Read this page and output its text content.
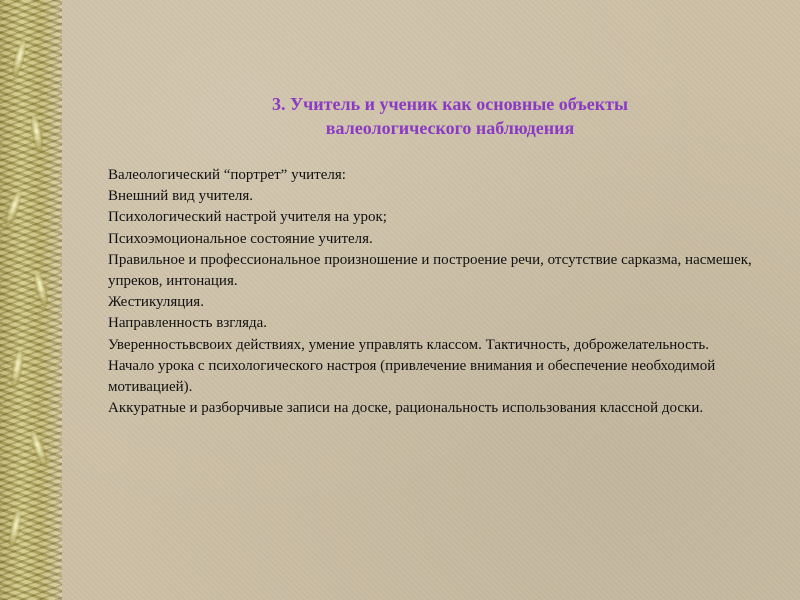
3. Учитель и ученик как основные объекты валеологического наблюдения
Валеологический “портрет” учителя:
Внешний вид учителя.
Психологический настрой учителя на урок;
Психоэмоциональное состояние учителя.
Правильное и профессиональное произношение и построение речи, отсутствие сарказма, насмешек, упреков, интонация.
Жестикуляция.
Направленность взгляда.
Уверенностьвсвоих действиях, умение управлять классом. Тактичность, доброжелательность.
Начало урока с психологического настроя (привлечение внимания и обеспечение необходимой мотивацией).
Аккуратные и разборчивые записи на доске, рациональность использования классной доски.
